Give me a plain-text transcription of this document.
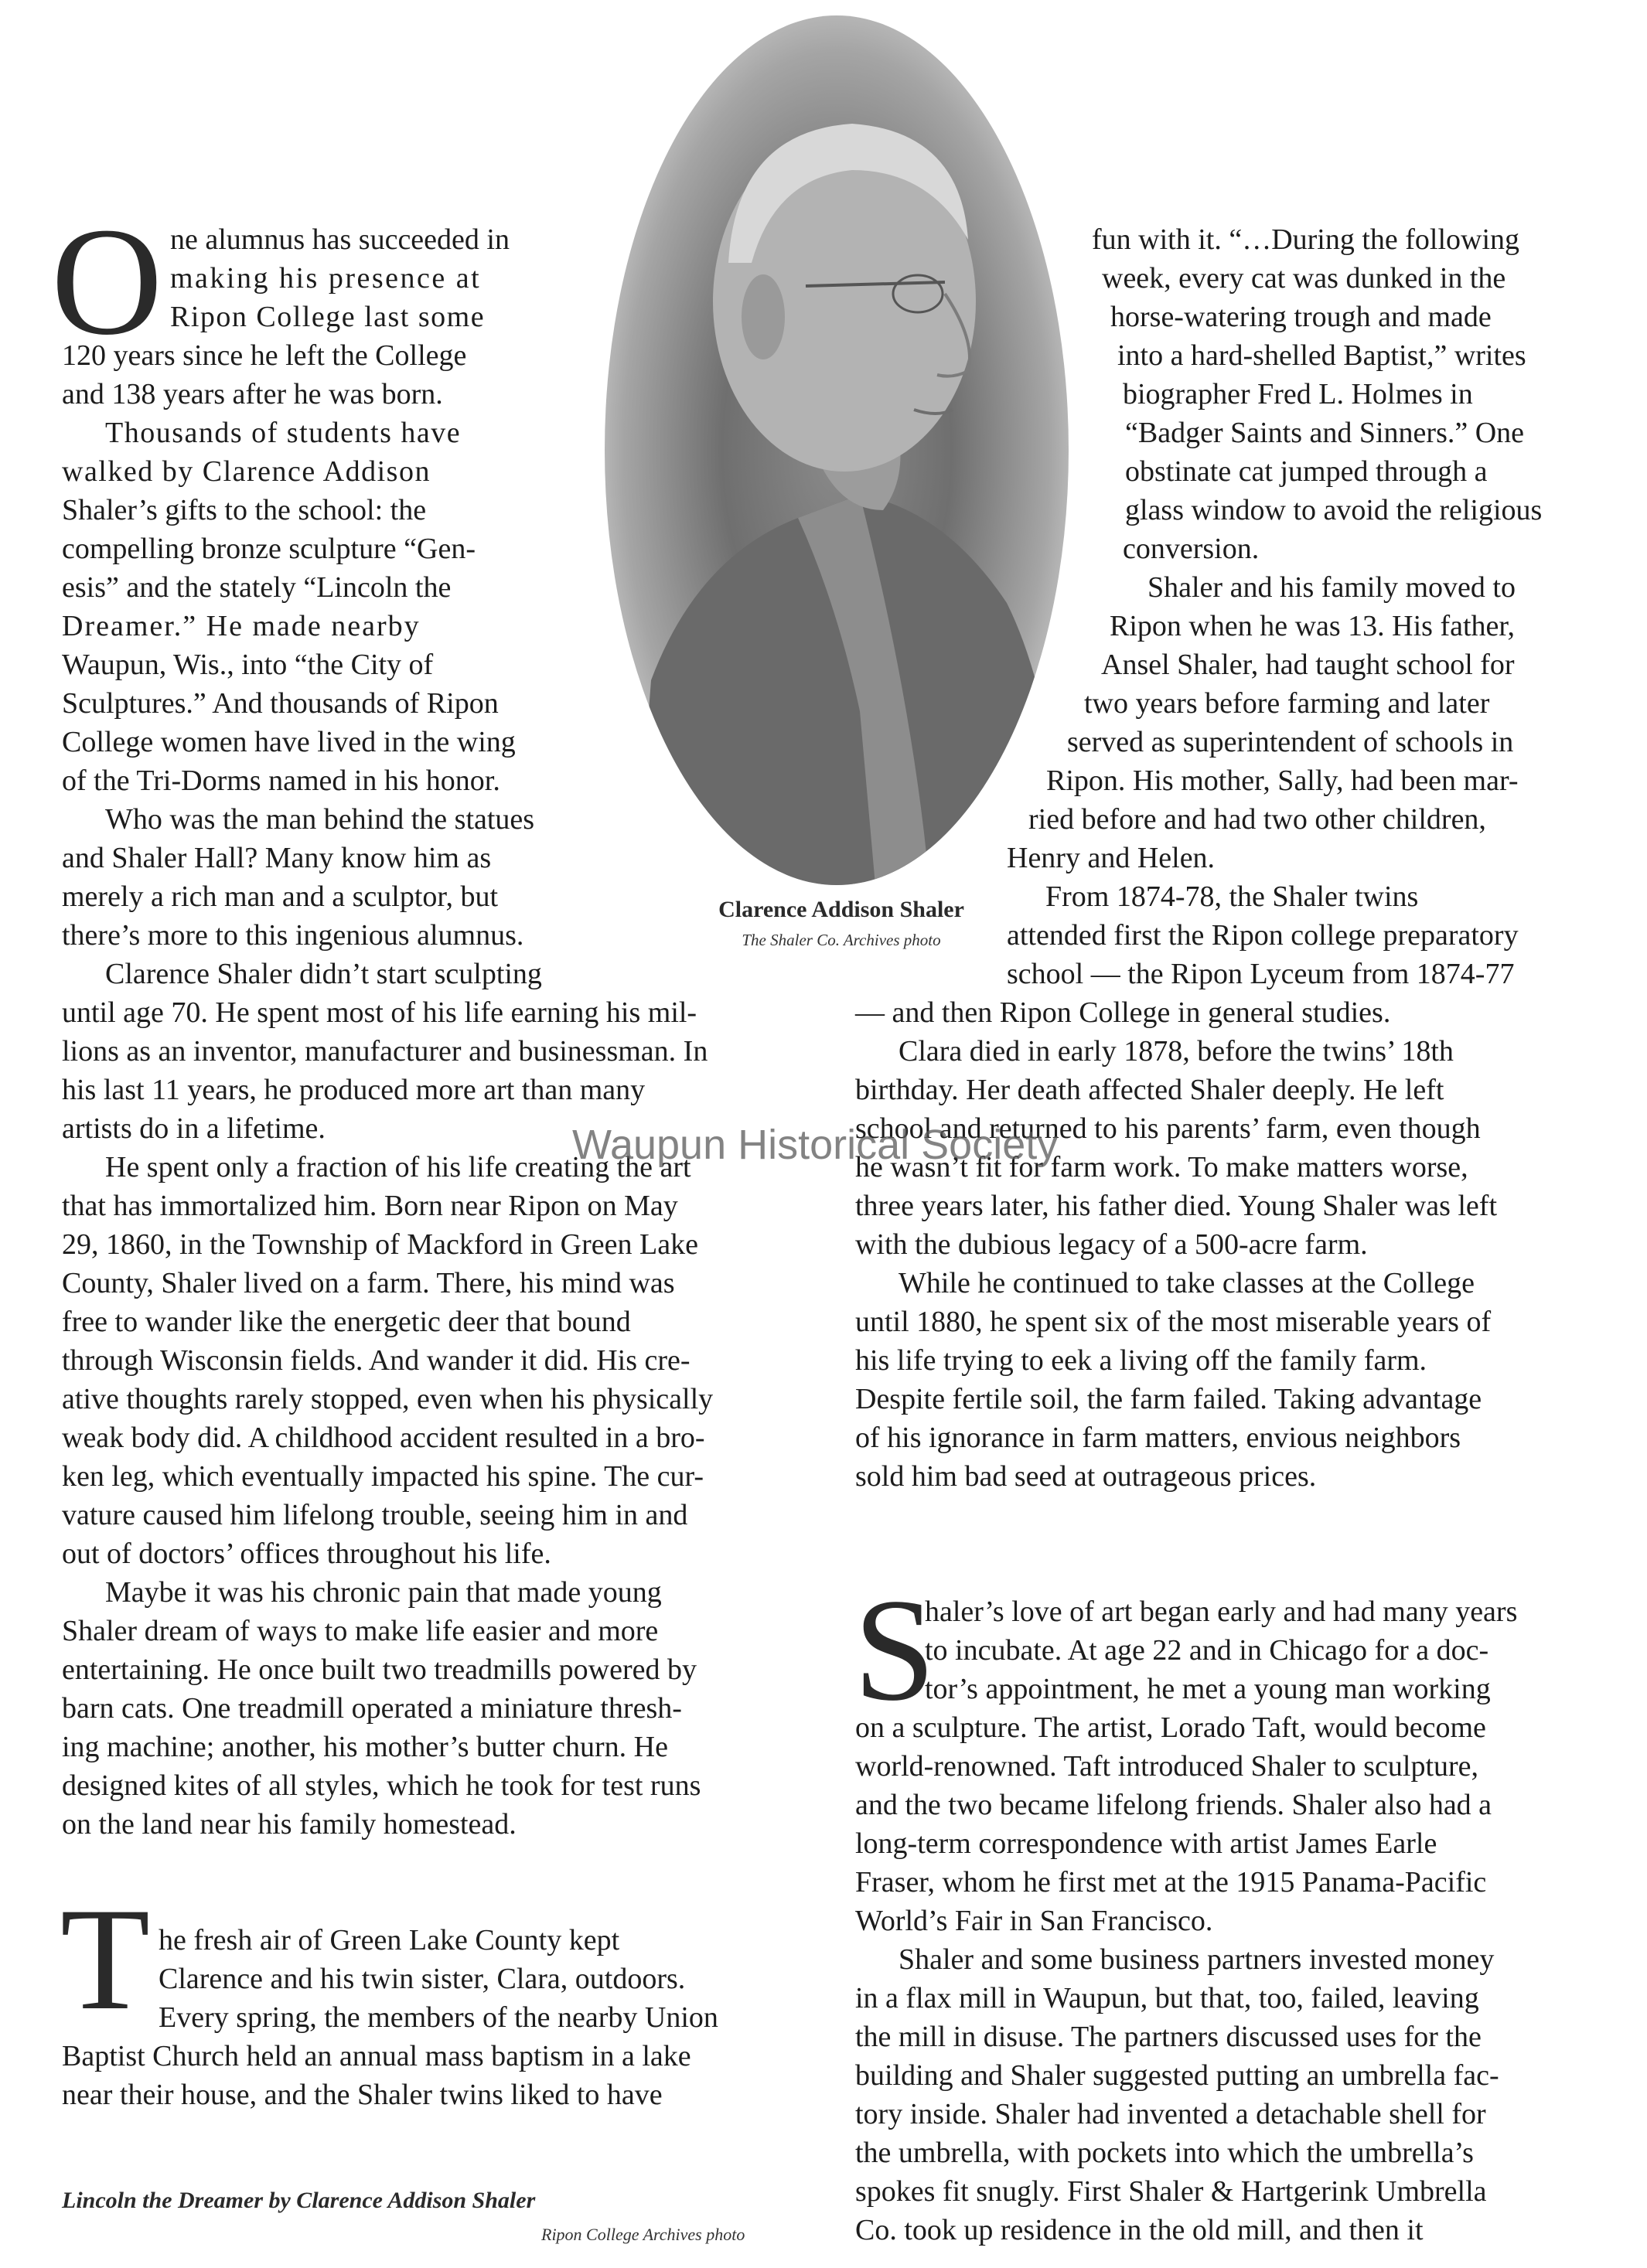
Clarence Addison Shaler
The Shaler Co. Archives photo
O ne alumnus has succeeded in
making his presence at
Ripon College last some
120 years since he left the College
and 138 years after he was born.
Thousands of students have
walked by Clarence Addison
Shaler’s gifts to the school: the
compelling bronze sculpture “Gen-
esis” and the stately “Lincoln the
Dreamer.” He made nearby
Waupun, Wis., into “the City of
Sculptures.” And thousands of Ripon
College women have lived in the wing
of the Tri-Dorms named in his honor.
Who was the man behind the statues
and Shaler Hall? Many know him as
merely a rich man and a sculptor, but
there’s more to this ingenious alumnus.
Clarence Shaler didn’t start sculpting
until age 70. He spent most of his life earning his mil-
lions as an inventor, manufacturer and businessman. In
his last 11 years, he produced more art than many
artists do in a lifetime.
He spent only a fraction of his life creating the art
that has immortalized him. Born near Ripon on May
29, 1860, in the Township of Mackford in Green Lake
County, Shaler lived on a farm. There, his mind was
free to wander like the energetic deer that bound
through Wisconsin fields. And wander it did. His cre-
ative thoughts rarely stopped, even when his physically
weak body did. A childhood accident resulted in a bro-
ken leg, which eventually impacted his spine. The cur-
vature caused him lifelong trouble, seeing him in and
out of doctors’ offices throughout his life.
Maybe it was his chronic pain that made young
Shaler dream of ways to make life easier and more
entertaining. He once built two treadmills powered by
barn cats. One treadmill operated a miniature thresh-
ing machine; another, his mother’s butter churn. He
designed kites of all styles, which he took for test runs
on the land near his family homestead.
T he fresh air of Green Lake County kept
Clarence and his twin sister, Clara, outdoors.
Every spring, the members of the nearby Union
Baptist Church held an annual mass baptism in a lake
near their house, and the Shaler twins liked to have
Lincoln the Dreamer by Clarence Addison Shaler
Ripon College Archives photo
fun with it. “…During the following
week, every cat was dunked in the
horse-watering trough and made
into a hard-shelled Baptist,” writes
biographer Fred L. Holmes in
“Badger Saints and Sinners.” One
obstinate cat jumped through a
glass window to avoid the religious
conversion.
Shaler and his family moved to
Ripon when he was 13. His father,
Ansel Shaler, had taught school for
two years before farming and later
served as superintendent of schools in
Ripon. His mother, Sally, had been mar-
ried before and had two other children,
Henry and Helen.
From 1874-78, the Shaler twins
attended first the Ripon college preparatory
school — the Ripon Lyceum from 1874-77
— and then Ripon College in general studies.
Clara died in early 1878, before the twins’ 18th
birthday. Her death affected Shaler deeply. He left
school and returned to his parents’ farm, even though
he wasn’t fit for farm work. To make matters worse,
three years later, his father died. Young Shaler was left
with the dubious legacy of a 500-acre farm.
While he continued to take classes at the College
until 1880, he spent six of the most miserable years of
his life trying to eek a living off the family farm.
Despite fertile soil, the farm failed. Taking advantage
of his ignorance in farm matters, envious neighbors
sold him bad seed at outrageous prices.
S
haler’s love of art began early and had many years
to incubate. At age 22 and in Chicago for a doc-
tor’s appointment, he met a young man working
on a sculpture. The artist, Lorado Taft, would become
world-renowned. Taft introduced Shaler to sculpture,
and the two became lifelong friends. Shaler also had a
long-term correspondence with artist James Earle
Fraser, whom he first met at the 1915 Panama-Pacific
World’s Fair in San Francisco.
Shaler and some business partners invested money
in a flax mill in Waupun, but that, too, failed, leaving
the mill in disuse. The partners discussed uses for the
building and Shaler suggested putting an umbrella fac-
tory inside. Shaler had invented a detachable shell for
the umbrella, with pockets into which the umbrella’s
spokes fit snugly. First Shaler & Hartgerink Umbrella
Co. took up residence in the old mill, and then it
Waupun Historical Society
